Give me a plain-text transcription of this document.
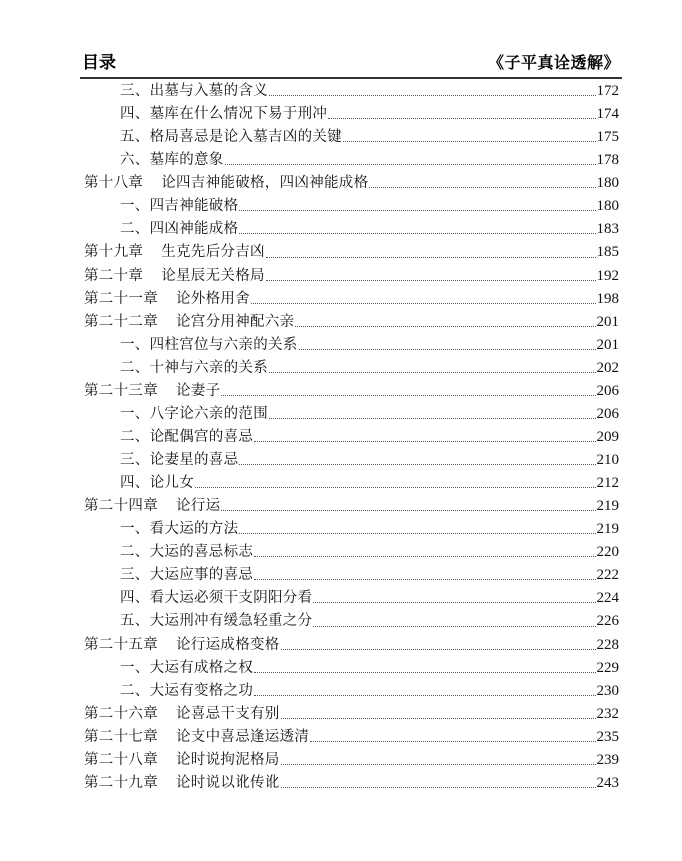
目录	《子平真诠透解》
三、出墓与入墓的含义	172
四、墓库在什么情况下易于刑冲	174
五、格局喜忌是论入墓吉凶的关键	175
六、墓库的意象	178
第十八章 论四吉神能破格，四凶神能成格	180
一、四吉神能破格	180
二、四凶神能成格	183
第十九章 生克先后分吉凶	185
第二十章 论星辰无关格局	192
第二十一章 论外格用舍	198
第二十二章 论宫分用神配六亲	201
一、四柱宫位与六亲的关系	201
二、十神与六亲的关系	202
第二十三章 论妻子	206
一、八字论六亲的范围	206
二、论配偶宫的喜忌	209
三、论妻星的喜忌	210
四、论儿女	212
第二十四章 论行运	219
一、看大运的方法	219
二、大运的喜忌标志	220
三、大运应事的喜忌	222
四、看大运必须干支阴阳分看	224
五、大运刑冲有缓急轻重之分	226
第二十五章 论行运成格变格	228
一、大运有成格之权	229
二、大运有变格之功	230
第二十六章 论喜忌干支有别	232
第二十七章 论支中喜忌逢运透清	235
第二十八章 论时说拘泥格局	239
第二十九章 论时说以讹传讹	243
